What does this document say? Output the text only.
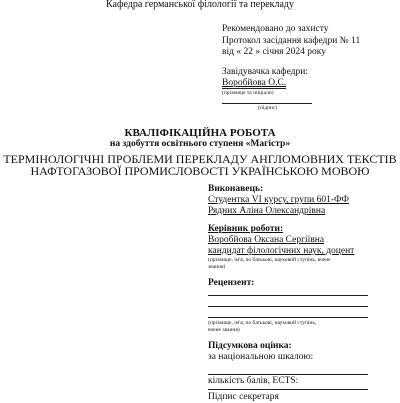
Кафедра германської філології та перекладу
Рекомендовано до захисту
Протокол засідання кафедри № 11
від « 22 » січня 2024 року
Завідувачка кафедри:
Воробйова О.С.
(прізвище та ініціали)
(підпис)
КВАЛІФІКАЦІЙНА РОБОТА
на здобуття освітнього ступеня «Магістр»
ТЕРМІНОЛОГІЧНІ ПРОБЛЕМИ ПЕРЕКЛАДУ АНГЛОМОВНИХ ТЕКСТІВ
НАФТОГАЗОВОЇ ПРОМИСЛОВОСТІ УКРАЇНСЬКОЮ МОВОЮ
Виконавець:
Студентка VI курсу, групи 601-ФФ
Рядних Аліна Олександрівна
Керівник роботи:
Воробйова Оксана Сергіївна
кандидат філологічних наук, доцент
(прізвище, ім'я, по батькові, науковий ступінь, вчене
звання)
Рецензент:
(прізвище, ім'я, по батькові, науковий ступінь,
вчене звання)
Підсумкова оцінка:
за національною шкалою:
кількість балів, ECTS:
Підпис секретаря
